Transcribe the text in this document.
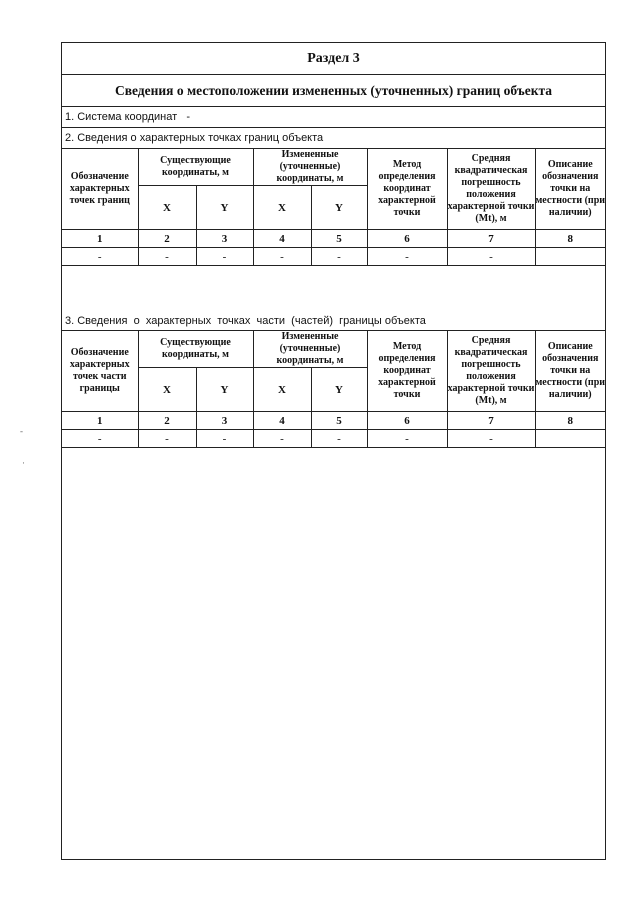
-
·
Раздел 3
Сведения о местоположении измененных (уточненных) границ объекта
1. Система координат
-
2. Сведения о характерных точках границ объекта
Обозначение характерных точек границ	Существующие координаты, м		Измененные (уточненные) координаты, м		Метод определения координат характерной точки	Средняя квадратическая погрешность положения характерной точки (Mt), м	Описание обозначения точки на местности (при наличии)
	X	Y	X	Y			
1	2	3	4	5	6	7	8
-	-	-	-	-	-	-	
3. Сведения  о  характерных  точках  части  (частей)  границы объекта
Обозначение характерных точек части границы	Существующие координаты, м		Измененные (уточненные) координаты, м		Метод определения координат характерной точки	Средняя квадратическая погрешность положения характерной точки (Mt), м	Описание обозначения точки на местности (при наличии)
	X	Y	X	Y			
1	2	3	4	5	6	7	8
-	-	-	-	-	-	-	
